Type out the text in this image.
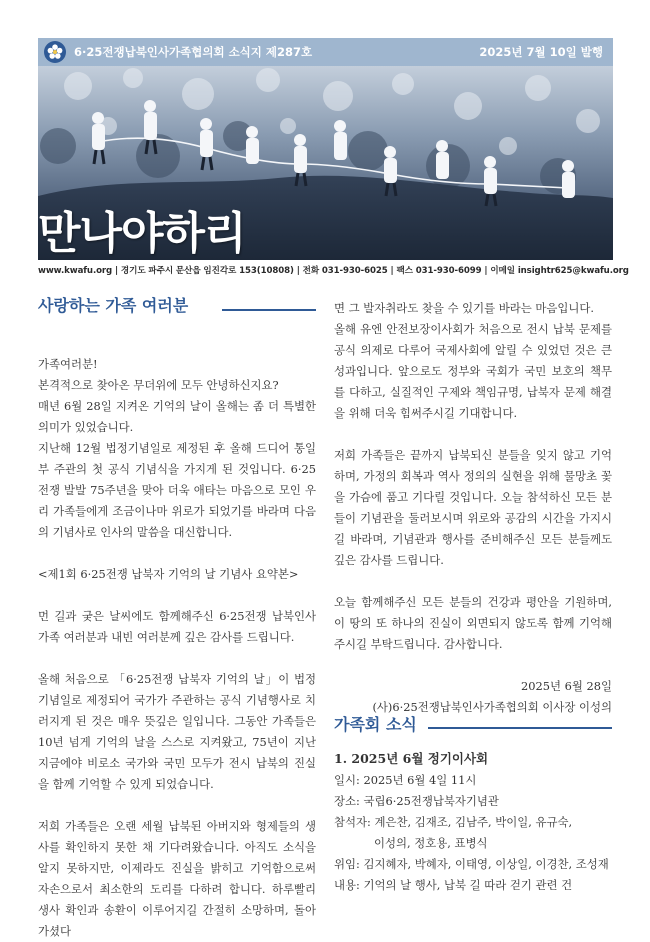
6·25전쟁납북인사가족협의회 소식지 제287호	2025년 7월 10일 발행
만나야하리
www.kwafu.org | 경기도 파주시 문산읍 임진각로 153(10808) | 전화 031-930-6025 | 팩스 031-930-6099 | 이메일 insightr625@kwafu.org
사랑하는 가족 여러분

가족여러분!

본격적으로 찾아온 무더위에 모두 안녕하신지요?

매년 6월 28일 지켜온 기억의 날이 올해는 좀 더 특별한 의미가 있었습니다.

지난해 12월 법정기념일로 제정된 후 올해 드디어 통일부 주관의 첫 공식 기념식을 가지게 된 것입니다. 6·25전쟁 발발 75주년을 맞아 더욱 애타는 마음으로 모인 우리 가족들에게 조금이나마 위로가 되었기를 바라며 다음의 기념사로 인사의 말씀을 대신합니다.

<제1회 6·25전쟁 납북자 기억의 날 기념사 요약본>

먼 길과 궂은 날씨에도 함께해주신 6·25전쟁 납북인사 가족 여러분과 내빈 여러분께 깊은 감사를 드립니다.

올해 처음으로 「6·25전쟁 납북자 기억의 날」이 법정기념일로 제정되어 국가가 주관하는 공식 기념행사로 치러지게 된 것은 매우 뜻깊은 일입니다. 그동안 가족들은 10년 넘게 기억의 날을 스스로 지켜왔고, 75년이 지난 지금에야 비로소 국가와 국민 모두가 전시 납북의 진실을 함께 기억할 수 있게 되었습니다.

저희 가족들은 오랜 세월 납북된 아버지와 형제들의 생사를 확인하지 못한 채 기다려왔습니다. 아직도 소식을 알지 못하지만, 이제라도 진실을 밝히고 기억함으로써 자손으로서 최소한의 도리를 다하려 합니다. 하루빨리 생사 확인과 송환이 이루어지길 간절히 소망하며, 돌아가셨다

면 그 발자취라도 찾을 수 있기를 바라는 마음입니다.

올해 유엔 안전보장이사회가 처음으로 전시 납북 문제를 공식 의제로 다루어 국제사회에 알릴 수 있었던 것은 큰 성과입니다. 앞으로도 정부와 국회가 국민 보호의 책무를 다하고, 실질적인 구제와 책임규명, 납북자 문제 해결을 위해 더욱 힘써주시길 기대합니다.

저희 가족들은 끝까지 납북되신 분들을 잊지 않고 기억하며, 가정의 회복과 역사 정의의 실현을 위해 물망초 꽃을 가슴에 품고 기다릴 것입니다. 오늘 참석하신 모든 분들이 기념관을 둘러보시며 위로와 공감의 시간을 가지시길 바라며, 기념관과 행사를 준비해주신 모든 분들께도 깊은 감사를 드립니다.

오늘 함께해주신 모든 분들의 건강과 평안을 기원하며, 이 땅의 또 하나의 진실이 외면되지 않도록 함께 기억해 주시길 부탁드립니다. 감사합니다.

2025년 6월 28일

(사)6·25전쟁납북인사가족협의회 이사장 이성의

가족회 소식

1. 2025년 6월 정기이사회

일시: 2025년 6월 4일 11시

장소: 국립6·25전쟁납북자기념관

참석자: 계은찬, 김재조, 김남주, 박이일, 유규숙,

이성의, 정호용, 표병식

위임: 김지혜자, 박혜자, 이태영, 이상일, 이경찬, 조성재

내용: 기억의 날 행사, 납북 길 따라 걷기 관련 건
